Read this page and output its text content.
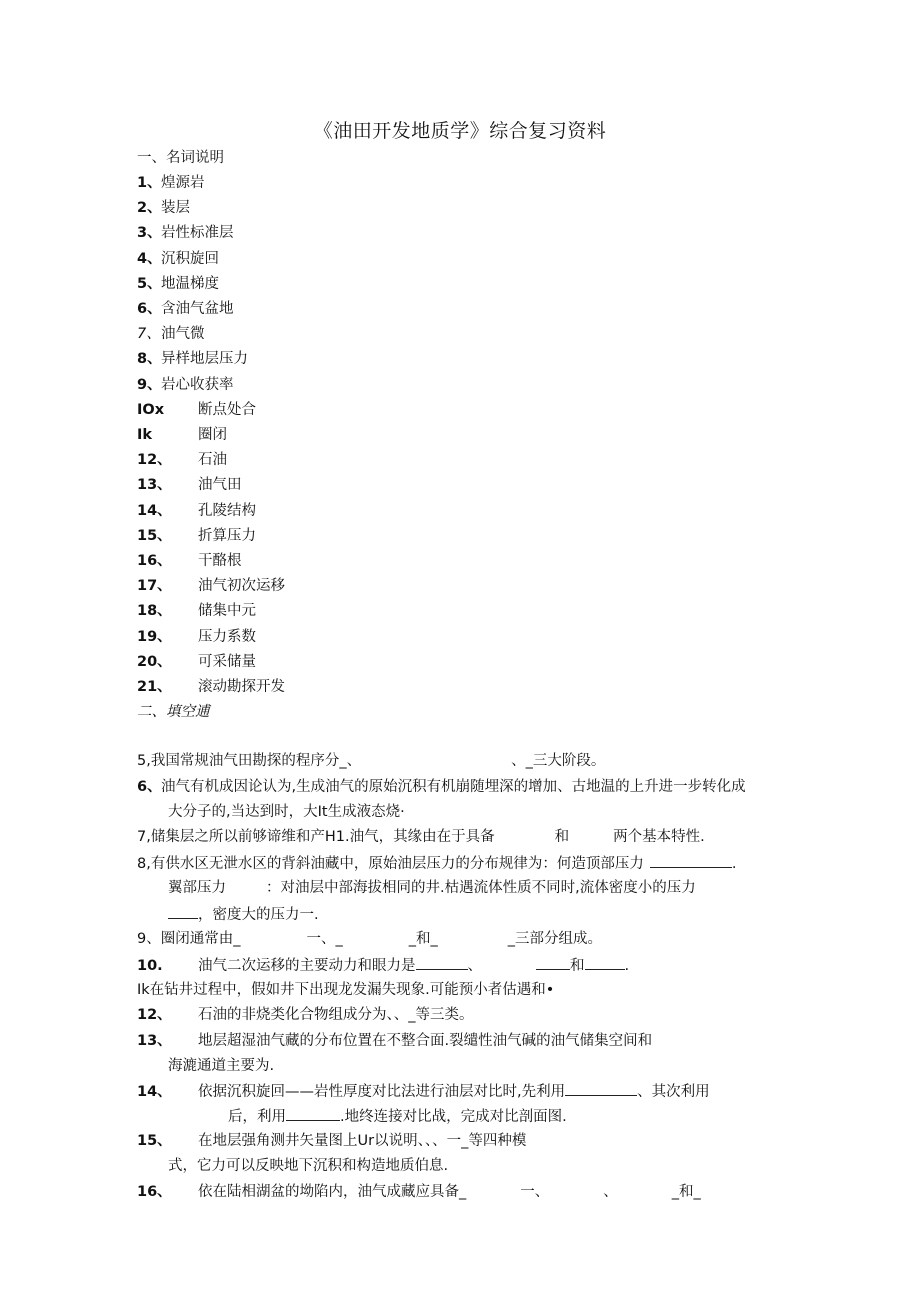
《油田开发地质学》综合复习资料
一、名词说明
1、煌源岩
2、装层
3、岩性标准层
4、沉积旋回
5、地温梯度
6、含油气盆地
7、油气微
8、异样地层压力
9、岩心收获率
IOx 断点处合
Ik	圈闭
12、 石油
13、 油气田
14、 孔陵结构
15、 折算压力
16、 干酪根
17、 油气初次运移
18、 储集中元
19、 压力系数
20、 可采储量
21、 滚动勘探开发
二、填空逋
5,我国常规油气田勘探的程序分_、	、_三大阶段。
6、油气有机成因论认为,生成油气的原始沉积有机崩随埋深的增加、古地温的上升进一步转化成
大分子的,当达到时，大It生成液态烧·
7,储集层之所以前够谛维和产H1.油气，其缘由在于具备	和	两个基本特性.
8,有供水区无泄水区的背斜油藏中，原始油层压力的分布规律为：何造顶部压力	.
翼部压力	：对油层中部海拔相同的井.枯遇流体性质不同时,流体密度小的压力
，密度大的压力一.
9、圈闭通常由_	一、_	_和_	_三部分组成。
10. 油气二次运移的主要动力和眼力是	、	和	.
Ik在钻井过程中，假如井下出现龙发漏失现象.可能预小者估遇和•
12、 石油的非烧类化合物组成分为、、_等三类。
13、 地层超湿油气藏的分布位置在不整合面.裂缱性油气碱的油气储集空间和
海漉通道主要为.
14、 依据沉积旋回——岩性厚度对比法进行油层对比时,先利用	、其次利用
后，利用	.地终连接对比战，完成对比剖面图.
15、 在地层强角测井矢量图上Ur以说明、、、一_等四种模
式，它力可以反映地下沉积和构造地质伯息.
16、 依在陆相湖盆的坳陷内，油气成藏应具备_	一、	、	_和_
